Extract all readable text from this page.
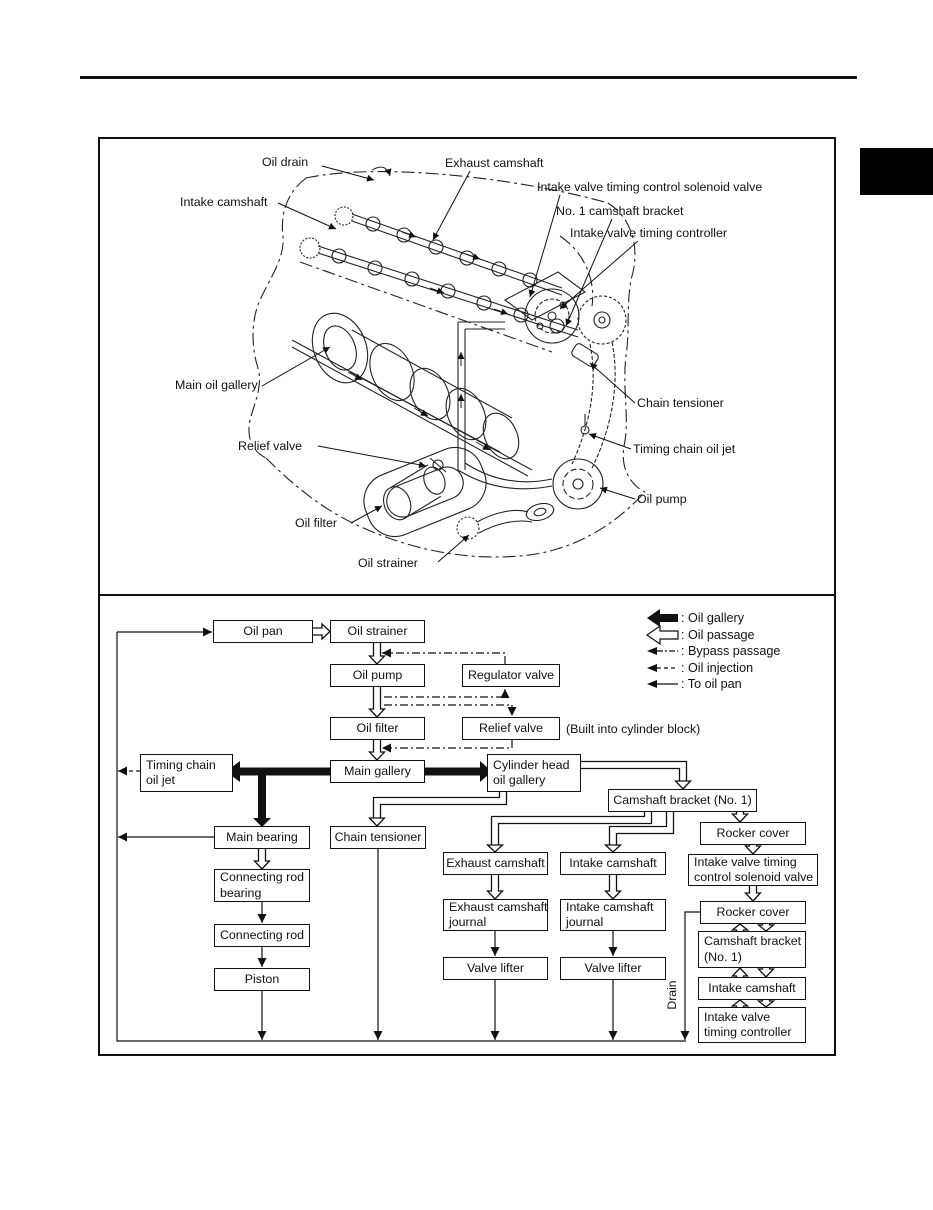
Oil drain	Exhaust camshaft
Intake valve timing control solenoid valve
No. 1 camshaft bracket
Intake valve timing controller
Intake camshaft
Main oil gallery
Chain tensioner
Relief valve	Timing chain oil jet
Oil pump
Oil filter
Oil strainer
: Oil gallery
: Oil passage
: Bypass passage
: Oil injection
: To oil pan
Oil pan	Oil strainer
Oil pump	Regulator valve
Oil filter	Relief valve	(Built into cylinder block)
Timing chain
oil jet
Main gallery	Cylinder head
oil gallery
Camshaft bracket (No. 1)
Rocker cover
Main bearing	Chain tensioner
Exhaust camshaft	Intake camshaft	Intake valve timing
control solenoid valve
Connecting rod
bearing
Exhaust camshaft
journal
Intake camshaft
journal
Rocker cover
Connecting rod	Camshaft bracket
(No. 1)
Valve lifter	Valve lifter
Piston
Intake camshaft
Intake valve
timing controller
Drain
